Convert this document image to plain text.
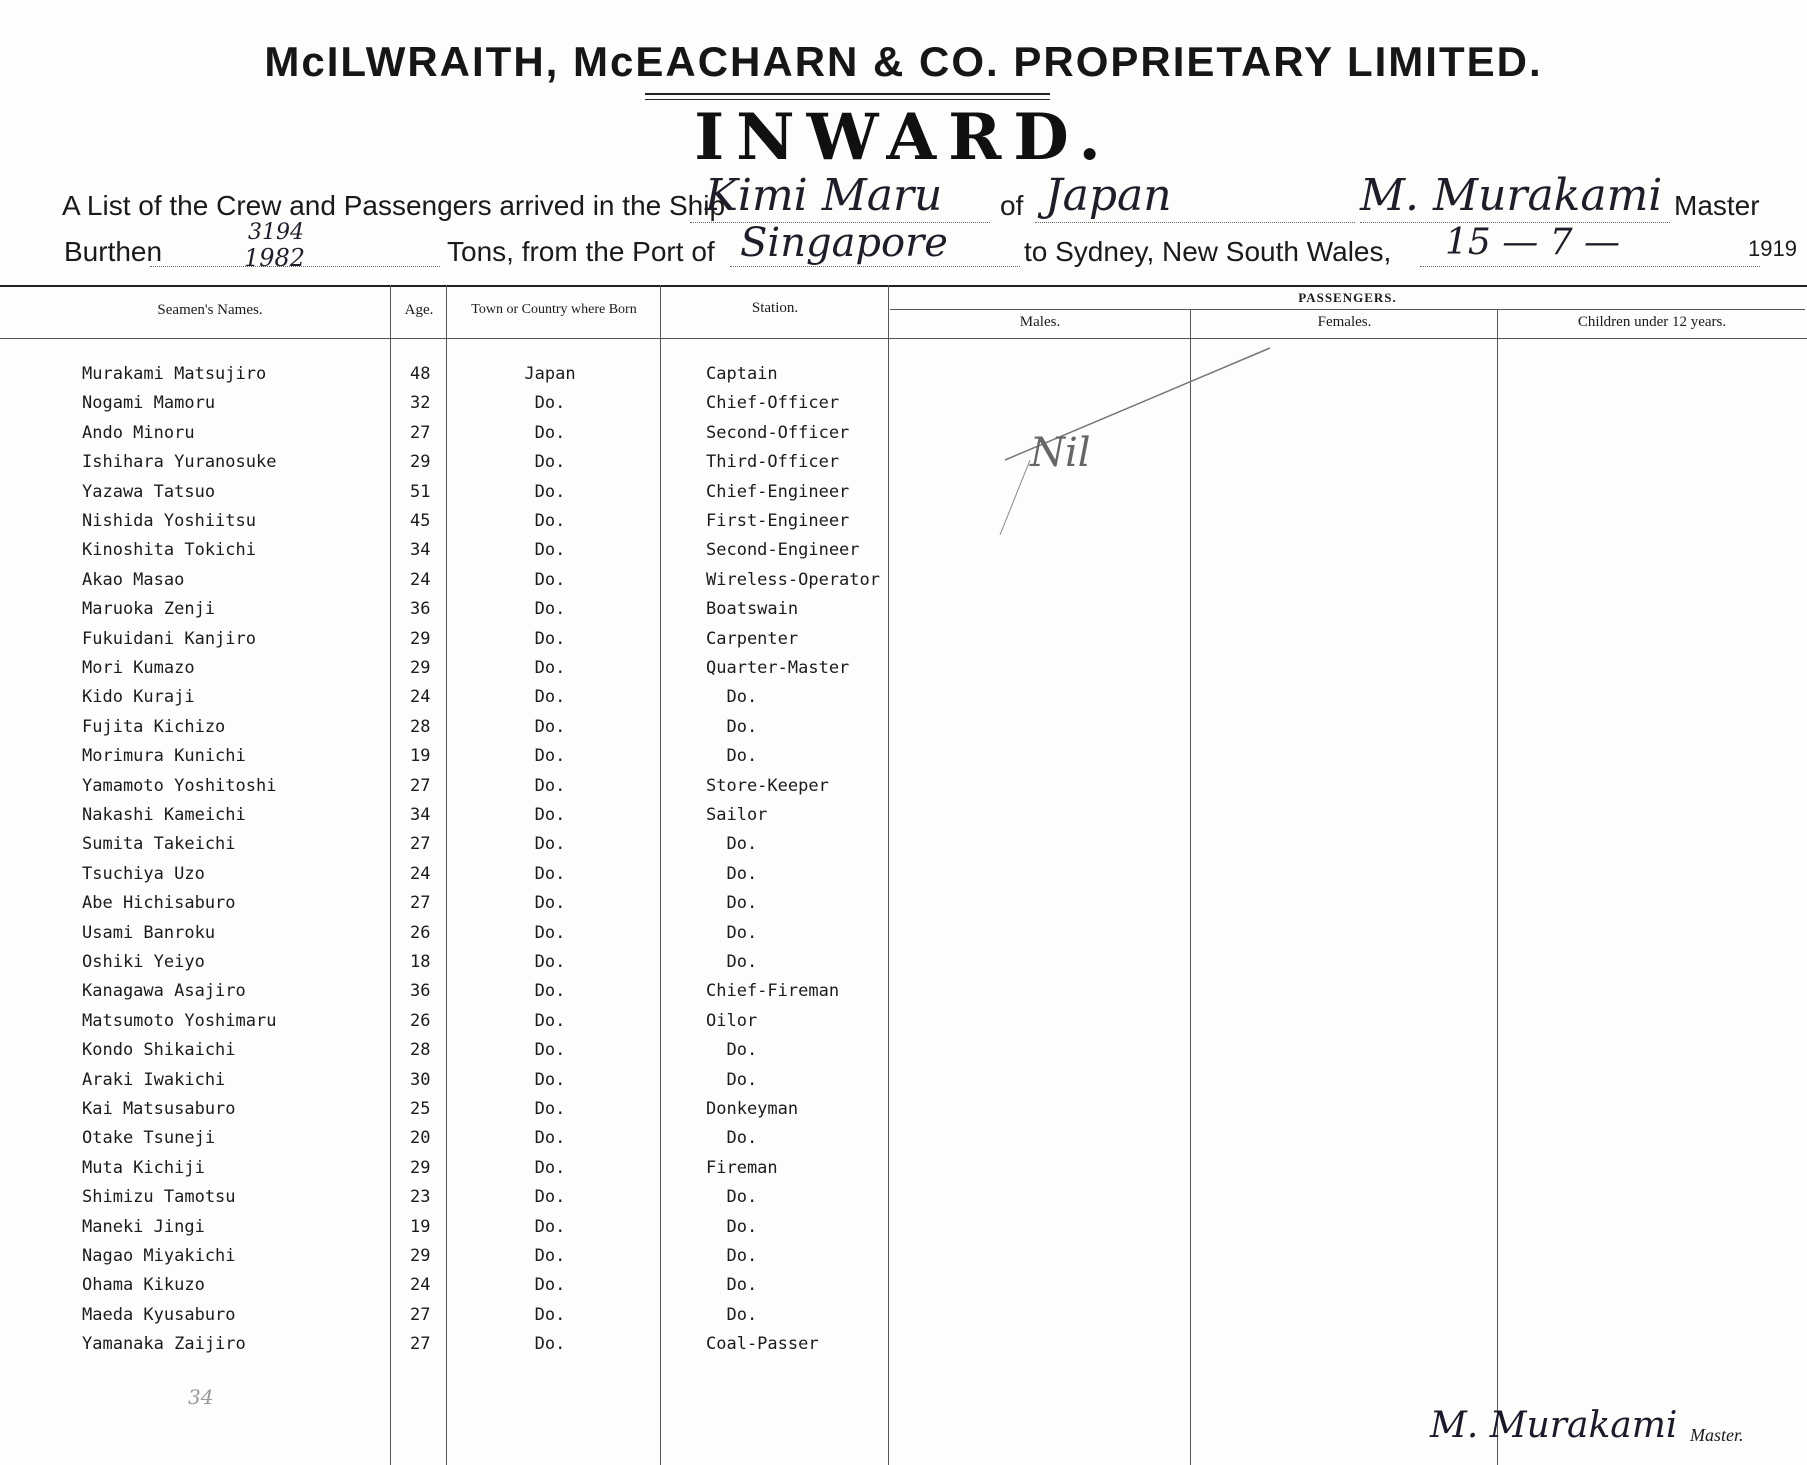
McILWRAITH, McEACHARN & CO. PROPRIETARY LIMITED.
INWARD.
A List of the Crew and Passengers arrived in the Ship
Kimi Maru of Japan	M. Murakami Master
Burthen
3194
1982	Tons, from the Port of Singapore	to Sydney, New South Wales, 15 — 7 —	1919
Seamen's Names.	Age.	Town or Country where Born	Station.
PASSENGERS.
Males.	Females.	Children under 12 years.
Murakami Matsujiro	48	Japan	Captain
Nogami Mamoru	32	Do.	Chief-Officer
Ando Minoru	27	Do.	Second-Officer
Ishihara Yuranosuke	29	Do.	Third-Officer
Yazawa Tatsuo	51	Do.	Chief-Engineer
Nishida Yoshiitsu	45	Do.	First-Engineer
Kinoshita Tokichi	34	Do.	Second-Engineer
Akao Masao	24	Do.	Wireless-Operator
Maruoka Zenji	36	Do.	Boatswain
Fukuidani Kanjiro	29	Do.	Carpenter
Mori Kumazo	29	Do.	Quarter-Master
Kido Kuraji	24	Do.	Do.
Fujita Kichizo	28	Do.	Do.
Morimura Kunichi	19	Do.	Do.
Yamamoto Yoshitoshi	27	Do.	Store-Keeper
Nakashi Kameichi	34	Do.	Sailor
Sumita Takeichi	27	Do.	Do.
Tsuchiya Uzo	24	Do.	Do.
Abe Hichisaburo	27	Do.	Do.
Usami Banroku	26	Do.	Do.
Oshiki Yeiyo	18	Do.	Do.
Kanagawa Asajiro	36	Do.	Chief-Fireman
Matsumoto Yoshimaru	26	Do.	Oilor
Kondo Shikaichi	28	Do.	Do.
Araki Iwakichi	30	Do.	Do.
Kai Matsusaburo	25	Do.	Donkeyman
Otake Tsuneji	20	Do.	Do.
Muta Kichiji	29	Do.	Fireman
Shimizu Tamotsu	23	Do.	Do.
Maneki Jingi	19	Do.	Do.
Nagao Miyakichi	29	Do.	Do.
Ohama Kikuzo	24	Do.	Do.
Maeda Kyusaburo	27	Do.	Do.
Yamanaka Zaijiro	27	Do.	Coal-Passer
Nil
34
M. Murakami Master.
